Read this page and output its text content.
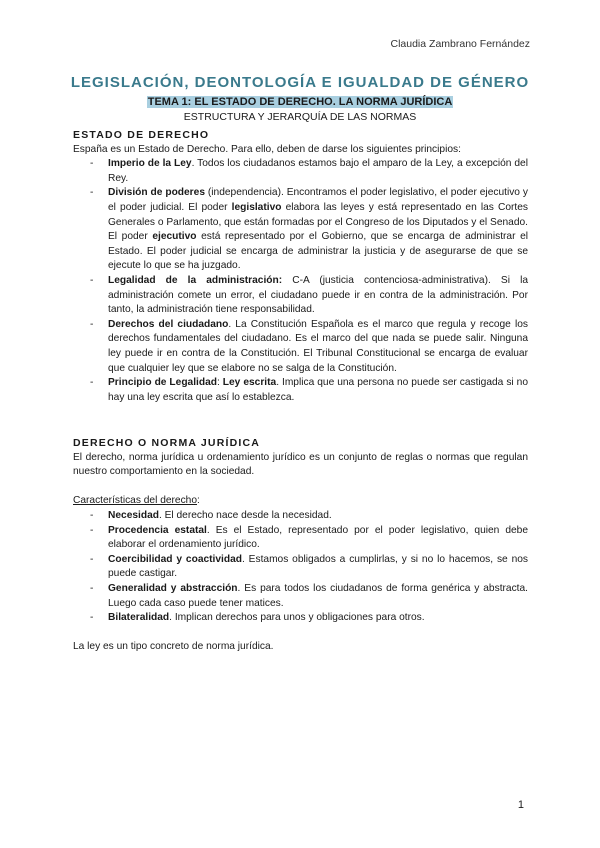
Claudia Zambrano Fernández
LEGISLACIÓN, DEONTOLOGÍA E IGUALDAD DE GÉNERO
TEMA 1: EL ESTADO DE DERECHO. LA NORMA JURÍDICA
ESTRUCTURA Y JERARQUÍA DE LAS NORMAS
ESTADO DE DERECHO

España es un Estado de Derecho. Para ello, deben de darse los siguientes principios:

- Imperio de la Ley. Todos los ciudadanos estamos bajo el amparo de la Ley, a excepción del Rey.
- División de poderes (independencia). Encontramos el poder legislativo, el poder ejecutivo y el poder judicial. El poder legislativo elabora las leyes y está representado en las Cortes Generales o Parlamento, que están formadas por el Congreso de los Diputados y el Senado. El poder ejecutivo está representado por el Gobierno, que se encarga de administrar el Estado. El poder judicial se encarga de administrar la justicia y de asegurarse de que se ejecute lo que se ha juzgado.
- Legalidad de la administración: C-A (justicia contenciosa-administrativa). Si la administración comete un error, el ciudadano puede ir en contra de la administración. Por tanto, la administración tiene responsabilidad.
- Derechos del ciudadano. La Constitución Española es el marco que regula y recoge los derechos fundamentales del ciudadano. Es el marco del que nada se puede salir. Ninguna ley puede ir en contra de la Constitución. El Tribunal Constitucional se encarga de evaluar que cualquier ley que se elabore no se salga de la Constitución.
- Principio de Legalidad: Ley escrita. Implica que una persona no puede ser castigada si no hay una ley escrita que así lo establezca.
DERECHO O NORMA JURÍDICA

El derecho, norma jurídica u ordenamiento jurídico es un conjunto de reglas o normas que regulan nuestro comportamiento en la sociedad.

Características del derecho:

- Necesidad. El derecho nace desde la necesidad.
- Procedencia estatal. Es el Estado, representado por el poder legislativo, quien debe elaborar el ordenamiento jurídico.
- Coercibilidad y coactividad. Estamos obligados a cumplirlas, y si no lo hacemos, se nos puede castigar.
- Generalidad y abstracción. Es para todos los ciudadanos de forma genérica y abstracta. Luego cada caso puede tener matices.
- Bilateralidad. Implican derechos para unos y obligaciones para otros.

La ley es un tipo concreto de norma jurídica.

1
